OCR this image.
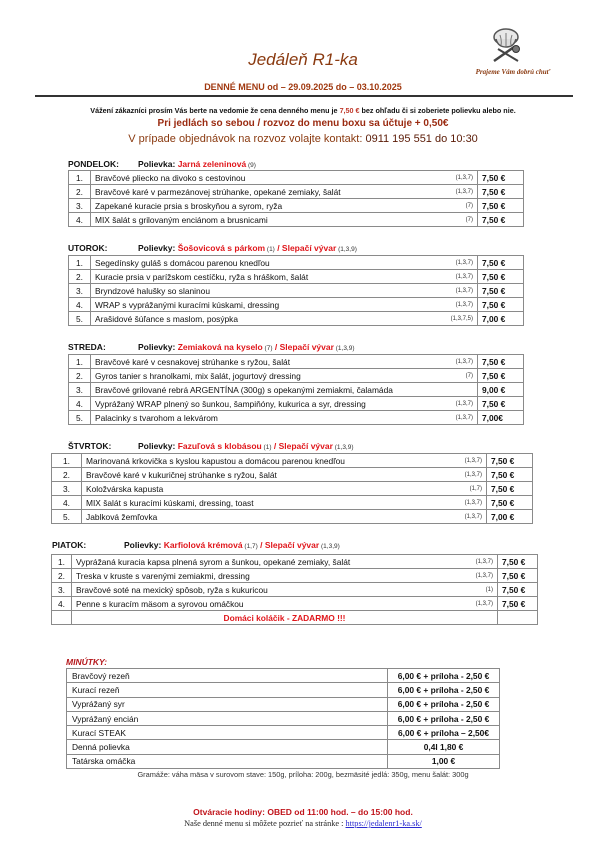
Jedáleň R1-ka
DENNÉ MENU od – 29.09.2025 do – 03.10.2025
Prajeme Vám dobrú chuť
Vážení zákazníci prosím Vás berte na vedomie že cena denného menu je 7,50 € bez ohľadu či si zoberiete polievku alebo nie.
Pri jedlách so sebou / rozvoz do menu boxu sa účtuje + 0,50€
V prípade objednávok na rozvoz volajte kontakt: 0911 195 551 do 10:30
PONDELOK: Polievka: Jarná zeleninová (9)
1.	Bravčové pliecko na divoko s cestovinou	(1,3,7)	7,50 €
2.	Bravčové karé v parmezánovej strúhanke, opekané zemiaky, šalát	(1,3,7)	7,50 €
3.	Zapekané kuracie prsia s broskyňou a syrom, ryža	(7)	7,50 €
4.	MIX šalát s grilovaným enciánom a brusnicami	(7)	7,50 €
UTOROK:	Polievky: Šošovicová s párkom (1) / Slepačí vývar (1,3,9)
1.	Segedínsky guláš s domácou parenou knedľou	(1,3,7)	7,50 €
2.	Kuracie prsia v parížskom cestíčku, ryža s hráškom, šalát	(1,3,7)	7,50 €
3.	Bryndzové halušky so slaninou	(1,3,7)	7,50 €
4.	WRAP s vyprážanými kuracími kúskami, dressing	(1,3,7)	7,50 €
5.	Arašidové šúľance s maslom, posýpka	(1,3,7,5)	7,00 €
STREDA:	Polievky: Zemiaková na kyselo (7) / Slepačí vývar (1,3,9)
1.	Bravčové karé v cesnakovej strúhanke s ryžou, šalát	(1,3,7)	7,50 €
2.	Gyros tanier s hranolkami, mix šalát, jogurtový dressing	(7)	7,50 €
3.	Bravčové grilované rebrá ARGENTÍNA (300g) s opekanými zemiakmi, čalamáda		9,00 €
4.	Vyprážaný WRAP plnený so šunkou, šampiňóny, kukurica a syr, dressing	(1,3,7)	7,50 €
5.	Palacinky s tvarohom a lekvárom	(1,3,7)	7,00€
ŠTVRTOK:	Polievky: Fazuľová s klobásou (1) / Slepačí vývar (1,3,9)
1.	Marinovaná krkovička s kyslou kapustou a domácou parenou knedľou	(1,3,7)	7,50 €
2.	Bravčové karé v kukuričnej strúhanke s ryžou, šalát	(1,3,7)	7,50 €
3.	Koložvárska kapusta	(1,7)	7,50 €
4.	MIX šalát s kuracími kúskami, dressing, toast	(1,3,7)	7,50 €
5.	Jablková žemľovka	(1,3,7)	7,00 €
PIATOK:	Polievky: Karfiolová krémová (1,7) / Slepačí vývar (1,3,9)
1.	Vyprážaná kuracia kapsa plnená syrom a šunkou, opekané zemiaky, šalát	(1,3,7)	7,50 €
2.	Treska v kruste s varenými zemiakmi, dressing	(1,3,7)	7,50 €
3.	Bravčové soté na mexický spôsob, ryža s kukuricou	(1)	7,50 €
4.	Penne s kuracím mäsom a syrovou omáčkou	(1,3,7)	7,50 €
	Domáci koláčik - ZADARMO !!!		
MINÚTKY:
Bravčový rezeň	6,00 € + príloha - 2,50 €
Kurací rezeň	6,00 € + príloha - 2,50 €
Vyprážaný syr	6,00 € + príloha - 2,50 €
Vyprážaný encián	6,00 € + príloha - 2,50 €
Kurací STEAK	6,00 € + príloha – 2,50€
Denná polievka	0,4l 1,80 €
Tatárska omáčka	1,00 €
Gramáže: váha mäsa v surovom stave: 150g, príloha: 200g, bezmäsité jedlá: 350g, menu šalát: 300g
Otváracie hodiny: OBED od 11:00 hod. – do 15:00 hod.
Naše denné menu si môžete pozrieť na stránke : https://jedalenr1-ka.sk/
